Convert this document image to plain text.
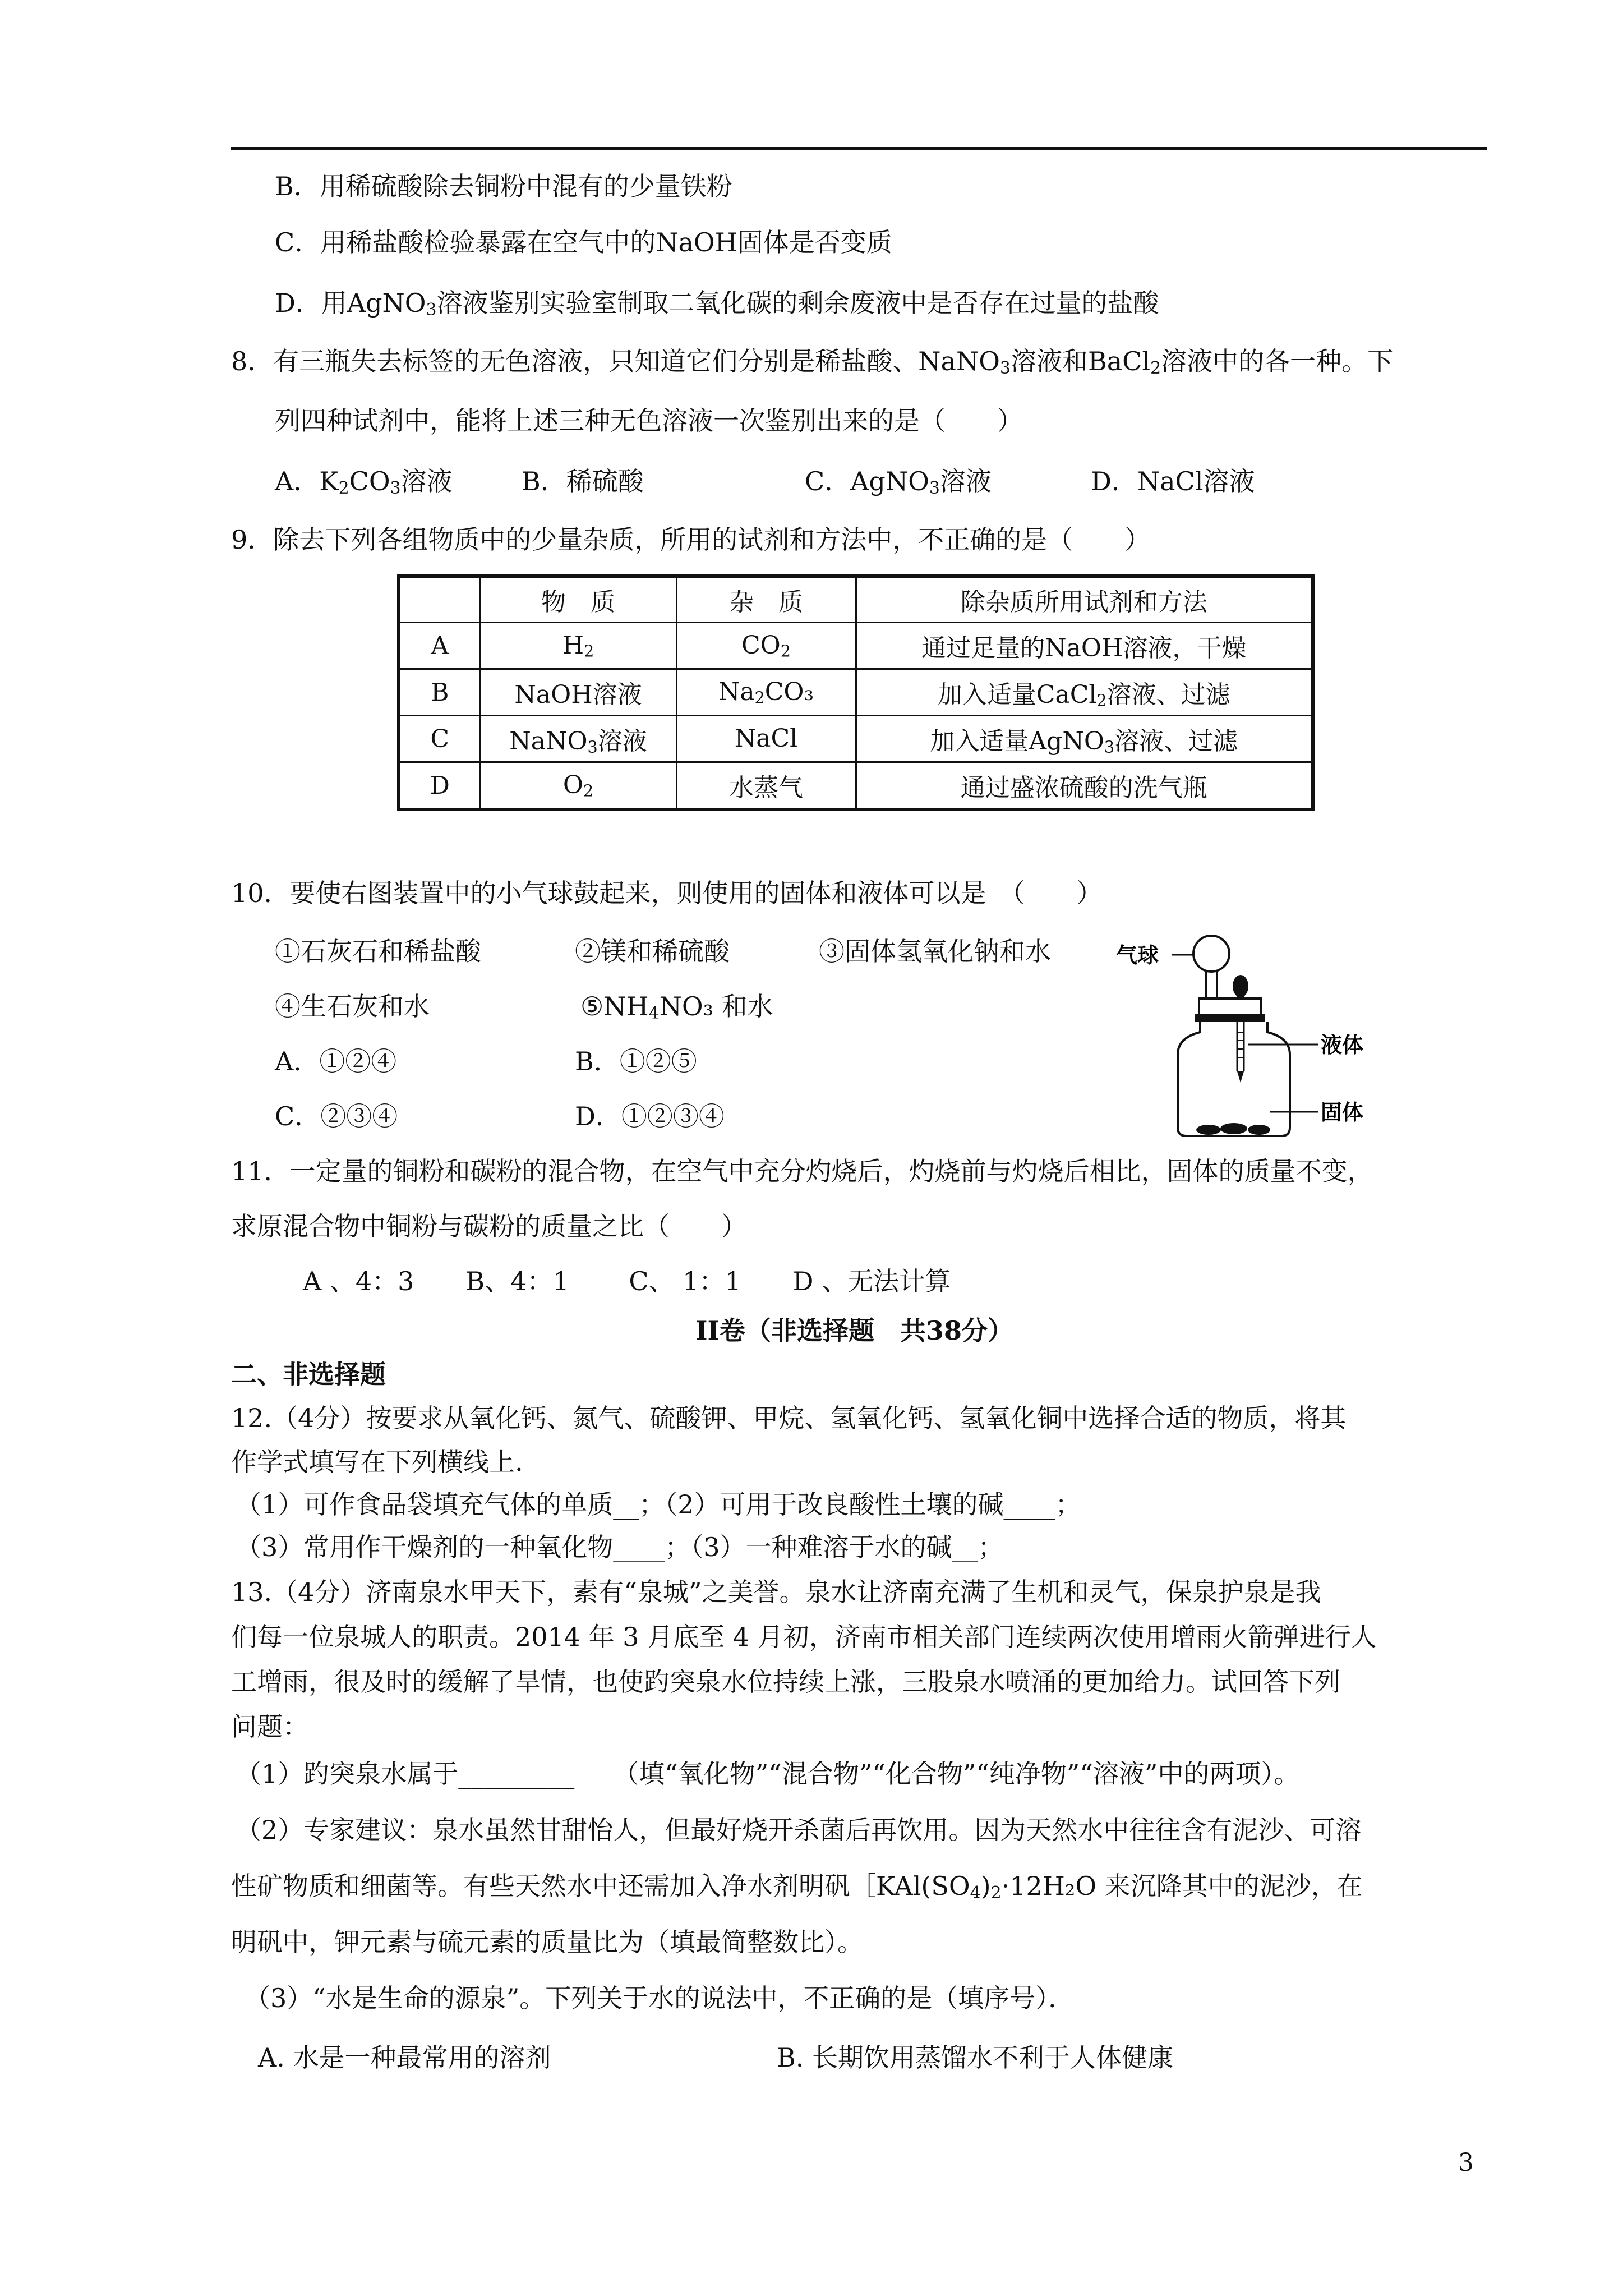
B．用稀硫酸除去铜粉中混有的少量铁粉
C．用稀盐酸检验暴露在空气中的NaOH固体是否变质
D．用AgNO$_3$溶液鉴别实验室制取二氧化碳的剩余废液中是否存在过量的盐酸
8．有三瓶失去标签的无色溶液，只知道它们分别是稀盐酸、NaNO$_3$溶液和BaCl$_2$溶液中的各一种。下
列四种试剂中，能将上述三种无色溶液一次鉴别出来的是（　　）
A．$K_2CO_3$溶液	B．稀硫酸	C．AgNO$_3$溶液	D．NaCl溶液
9．除去下列各组物质中的少量杂质，所用的试剂和方法中，不正确的是（　　）
	物　质	杂　质	除杂质所用试剂和方法
A	$H_2$	$CO_2$	通过足量的NaOH溶液，干燥
B	NaOH溶液	$Na_2CO_3$	加入适量CaCl$_2$溶液、过滤
C	NaNO$_3$溶液	NaCl	加入适量AgNO$_3$溶液、过滤
D	$O_2$	水蒸气	通过盛浓硫酸的洗气瓶
10．要使右图装置中的小气球鼓起来，则使用的固体和液体可以是　（　　）
①石灰石和稀盐酸	②镁和稀硫酸	③固体氢氧化钠和水
④生石灰和水	$⑤NH_4NO_3$ 和水
A．①②④	B．①②⑤
C．②③④	D．①②③④
气球
液体
固体
11．一定量的铜粉和碳粉的混合物，在空气中充分灼烧后，灼烧前与灼烧后相比，固体的质量不变，
求原混合物中铜粉与碳粉的质量之比（　　）
A 、4：3　　B、4：1　　 C、 1：1　　D 、无法计算
II卷（非选择题　共38分）
二、非选择题
12.（4分）按要求从氧化钙、氮气、硫酸钾、甲烷、氢氧化钙、氢氧化铜中选择合适的物质，将其
作学式填写在下列横线上.
（1）可作食品袋填充气体的单质__；（2）可用于改良酸性土壤的碱____；
（3）常用作干燥剂的一种氧化物____；（3）一种难溶于水的碱__；
13.（4分）济南泉水甲天下，素有“泉城”之美誉。泉水让济南充满了生机和灵气，保泉护泉是我
们每一位泉城人的职责。2014 年 3 月底至 4 月初，济南市相关部门连续两次使用增雨火箭弹进行人
工增雨，很及时的缓解了旱情，也使趵突泉水位持续上涨，三股泉水喷涌的更加给力。试回答下列
问题：
（1）趵突泉水属于_________　　（填“氧化物”“混合物”“化合物”“纯净物”“溶液”中的两项）。
（2）专家建议：泉水虽然甘甜怡人，但最好烧开杀菌后再饮用。因为天然水中往往含有泥沙、可溶
性矿物质和细菌等。有些天然水中还需加入净水剂明矾$[KAl(SO_4)_2\cdot 12H_2O$ 来沉降其中的泥沙，在
明矾中，钾元素与硫元素的质量比为（填最简整数比）。
（3）“水是生命的源泉”。下列关于水的说法中，不正确的是（填序号）．
A. 水是一种最常用的溶剂	B. 长期饮用蒸馏水不利于人体健康
3
